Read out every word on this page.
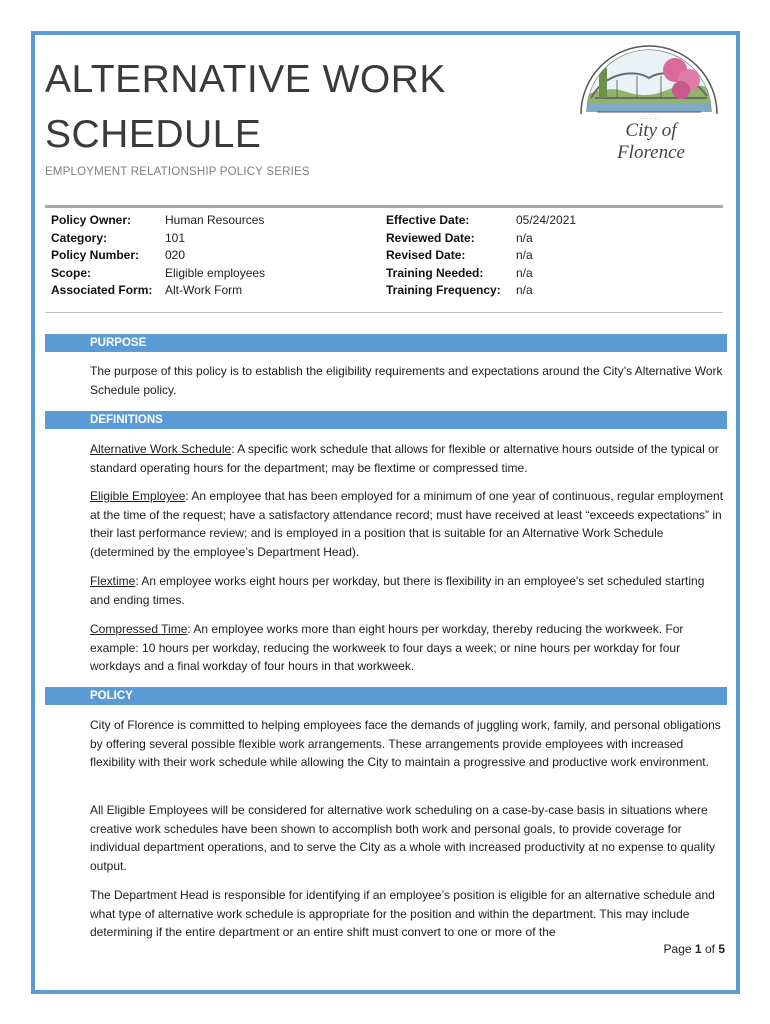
ALTERNATIVE WORK SCHEDULE
EMPLOYMENT RELATIONSHIP POLICY SERIES
· · · · · · · ·
City of Florence
Policy Owner:	Human Resources
Category:	101
Policy Number:	020
Scope:	Eligible employees
Associated Form:	Alt-Work Form
Effective Date:	05/24/2021
Reviewed Date:	n/a
Revised Date:	n/a
Training Needed:	n/a
Training Frequency:	n/a
PURPOSE

The purpose of this policy is to establish the eligibility requirements and expectations around the City’s Alternative Work Schedule policy.

DEFINITIONS

Alternative Work Schedule: A specific work schedule that allows for flexible or alternative hours outside of the typical or standard operating hours for the department; may be flextime or compressed time.

Eligible Employee: An employee that has been employed for a minimum of one year of continuous, regular employment at the time of the request; have a satisfactory attendance record; must have received at least “exceeds expectations” in their last performance review; and is employed in a position that is suitable for an Alternative Work Schedule (determined by the employee’s Department Head).

Flextime: An employee works eight hours per workday, but there is flexibility in an employee's set scheduled starting and ending times.

Compressed Time: An employee works more than eight hours per workday, thereby reducing the workweek. For example: 10 hours per workday, reducing the workweek to four days a week; or nine hours per workday for four workdays and a final workday of four hours in that workweek.

POLICY

City of Florence is committed to helping employees face the demands of juggling work, family, and personal obligations by offering several possible flexible work arrangements. These arrangements provide employees with increased flexibility with their work schedule while allowing the City to maintain a progressive and productive work environment.

All Eligible Employees will be considered for alternative work scheduling on a case-by-case basis in situations where creative work schedules have been shown to accomplish both work and personal goals, to provide coverage for individual department operations, and to serve the City as a whole with increased productivity at no expense to quality output.

The Department Head is responsible for identifying if an employee’s position is eligible for an alternative schedule and what type of alternative work schedule is appropriate for the position and within the department. This may include determining if the entire department or an entire shift must convert to one or more of the

Page 1 of 5
